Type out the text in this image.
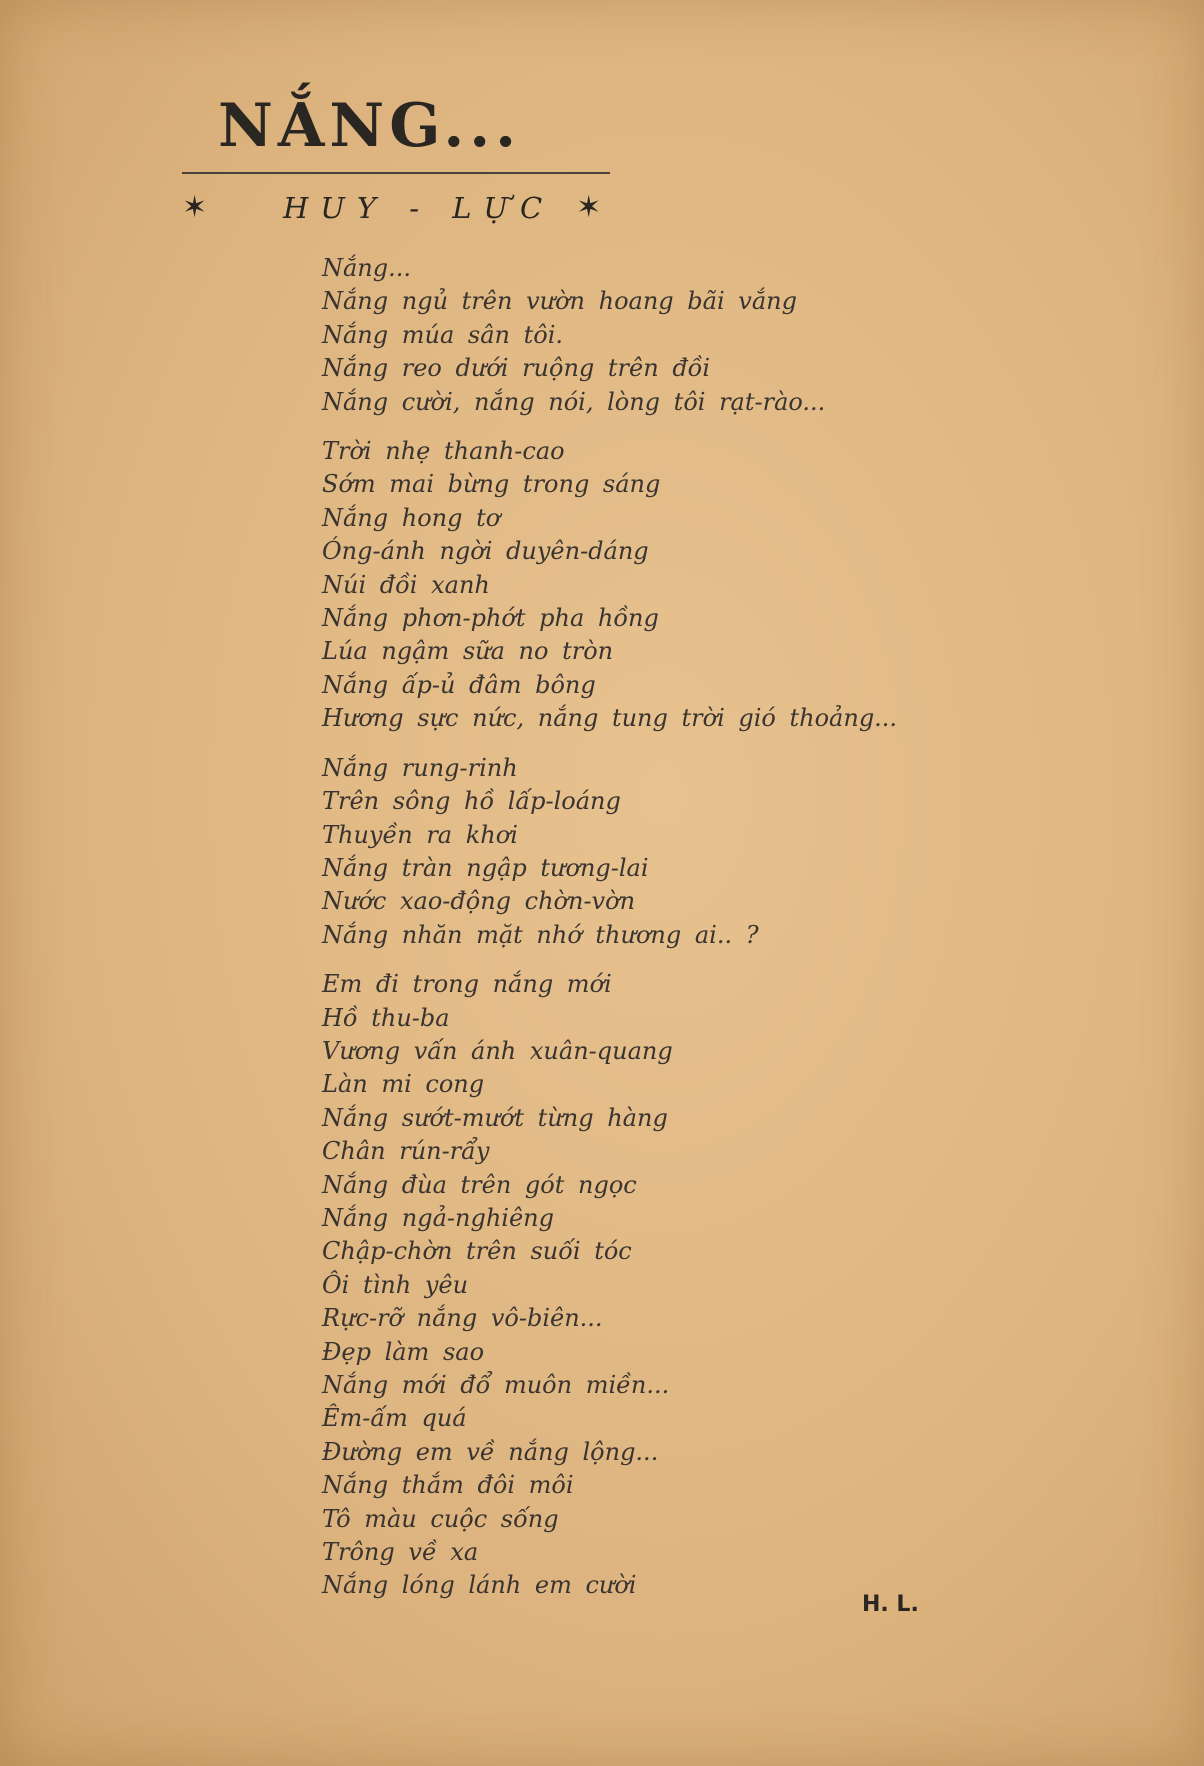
NẮNG...
✶	HUY - LỰC ✶
Nắng...
Nắng ngủ trên vườn hoang bãi vắng
Nắng múa sân tôi.
Nắng reo dưới ruộng trên đồi
Nắng cười, nắng nói, lòng tôi rạt-rào...
Trời nhẹ thanh-cao
Sớm mai bừng trong sáng
Nắng hong tơ
Óng-ánh ngời duyên-dáng
Núi đồi xanh
Nắng phơn-phớt pha hồng
Lúa ngậm sữa no tròn
Nắng ấp-ủ đâm bông
Hương sực nức, nắng tung trời gió thoảng...
Nắng rung-rinh
Trên sông hồ lấp-loáng
Thuyền ra khơi
Nắng tràn ngập tương-lai
Nước xao-động chờn-vờn
Nắng nhăn mặt nhớ thương ai.. ?
Em đi trong nắng mới
Hồ thu-ba
Vương vấn ánh xuân-quang
Làn mi cong
Nắng sướt-mướt từng hàng
Chân rún-rẩy
Nắng đùa trên gót ngọc
Nắng ngả-nghiêng
Chập-chờn trên suối tóc
Ôi tình yêu
Rực-rỡ nắng vô-biên...
Đẹp làm sao
Nắng mới đổ muôn miền...
Êm-ấm quá
Đường em về nắng lộng...
Nắng thắm đôi môi
Tô màu cuộc sống
Trông về xa
Nắng lóng lánh em cười
H. L.
